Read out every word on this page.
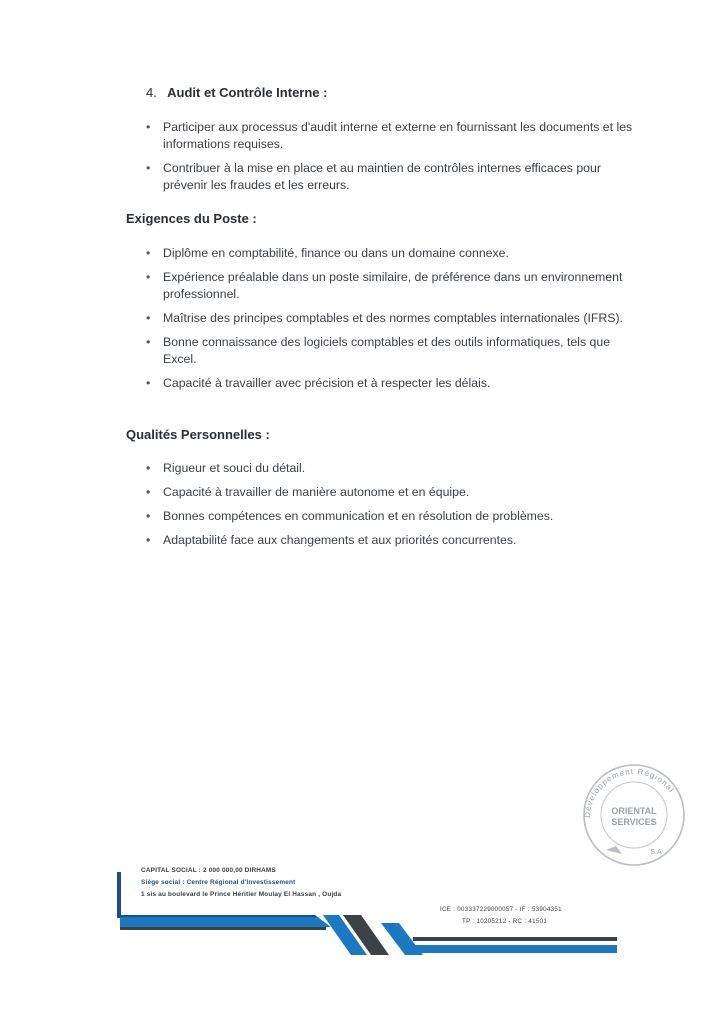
4. Audit et Contrôle Interne :
• Participer aux processus d'audit interne et externe en fournissant les documents et les informations requises.
• Contribuer à la mise en place et au maintien de contrôles internes efficaces pour prévenir les fraudes et les erreurs.
Exigences du Poste :
• Diplôme en comptabilité, finance ou dans un domaine connexe.
• Expérience préalable dans un poste similaire, de préférence dans un environnement professionnel.
• Maîtrise des principes comptables et des normes comptables internationales (IFRS).
• Bonne connaissance des logiciels comptables et des outils informatiques, tels que Excel.
• Capacité à travailler avec précision et à respecter les délais.
Qualités Personnelles :
• Rigueur et souci du détail.
• Capacité à travailler de manière autonome et en équipe.
• Bonnes compétences en communication et en résolution de problèmes.
• Adaptabilité face aux changements et aux priorités concurrentes.
Développement Régional
ORIENTAL
SERVICES
S.A
CAPITAL SOCIAL : 2 000 000,00 DIRHAMS
Siège social : Centre Régional d'Investissement
1 sis au boulevard le Prince Héritier Moulay El Hassan , Oujda
ICE : 003337229000057 - IF : 53904351
TP : 10205212 - RC : 41501
